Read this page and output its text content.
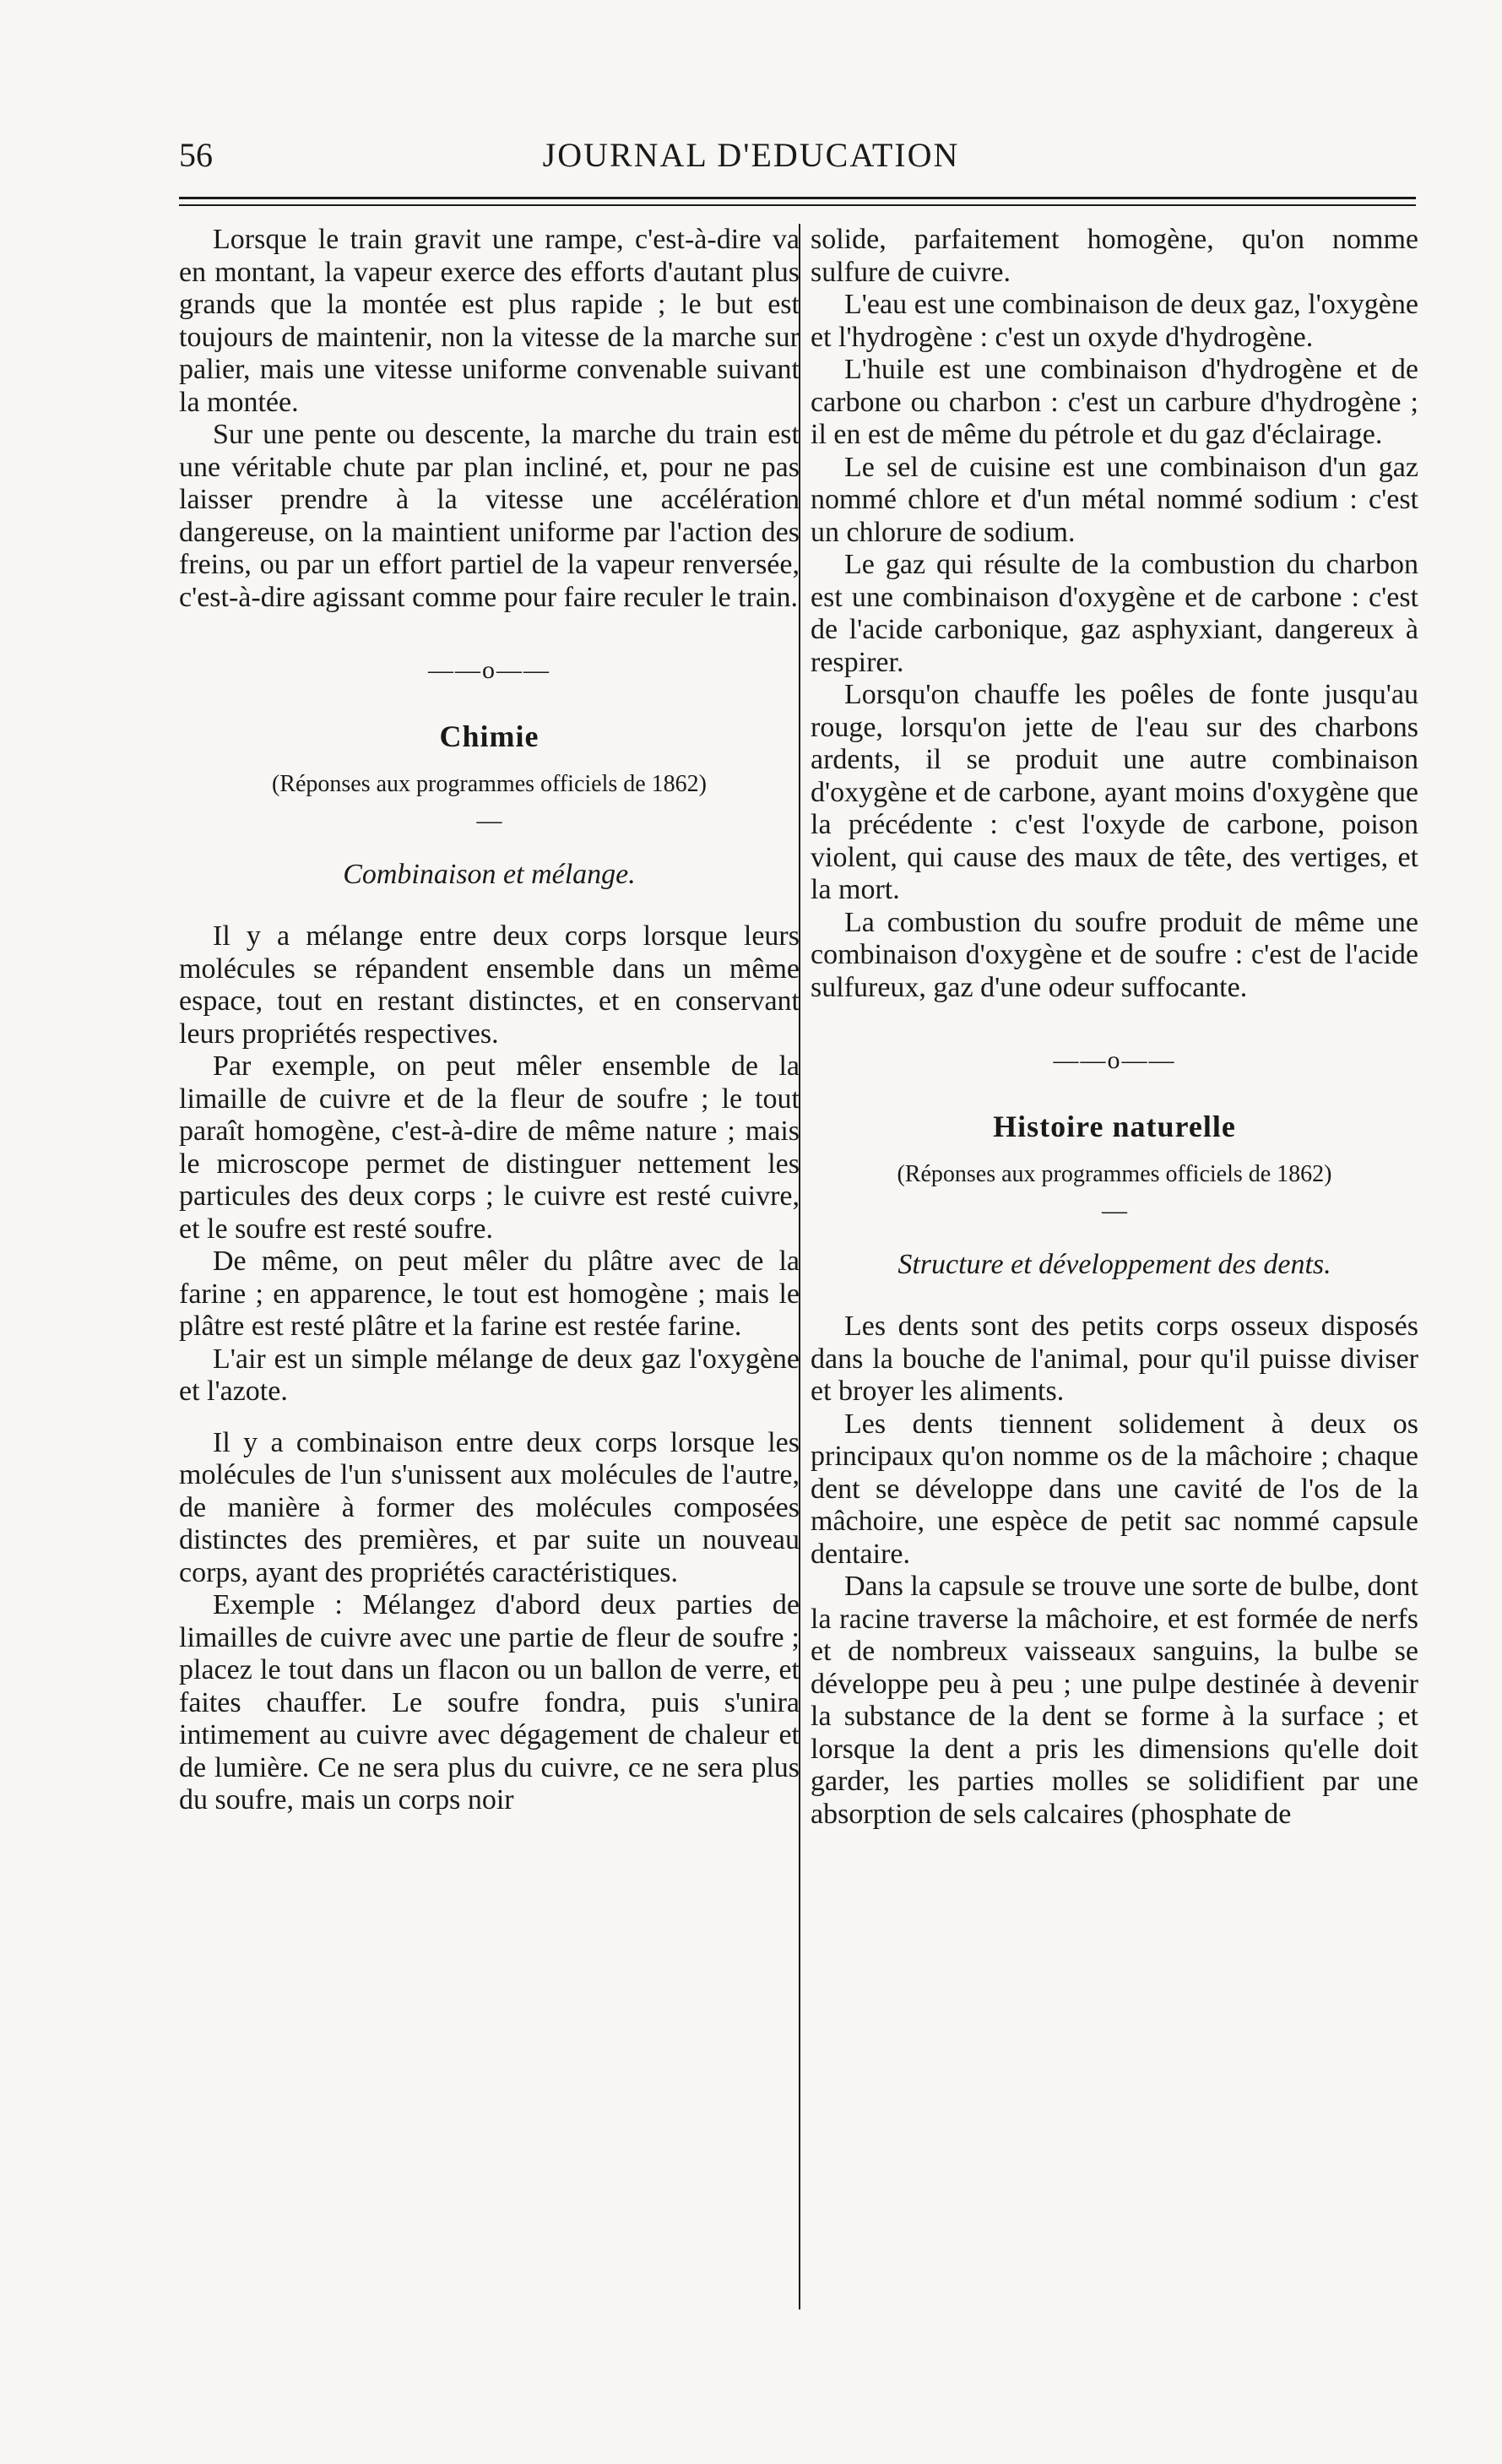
56	JOURNAL D'EDUCATION

Lorsque le train gravit une rampe, c'est-à-dire va en montant, la vapeur exerce des efforts d'autant plus grands que la montée est plus rapide ; le but est toujours de maintenir, non la vitesse de la marche sur palier, mais une vitesse uniforme convenable suivant la montée.

Sur une pente ou descente, la marche du train est une véritable chute par plan incliné, et, pour ne pas laisser prendre à la vitesse une accélération dangereuse, on la maintient uniforme par l'action des freins, ou par un effort partiel de la vapeur renversée, c'est-à-dire agissant comme pour faire reculer le train.

——o——
Chimie
(Réponses aux programmes officiels de 1862)
—
Combinaison et mélange.

Il y a mélange entre deux corps lorsque leurs molécules se répandent ensemble dans un même espace, tout en restant distinctes, et en conservant leurs propriétés respectives.

Par exemple, on peut mêler ensemble de la limaille de cuivre et de la fleur de soufre ; le tout paraît homogène, c'est-à-dire de même nature ; mais le microscope permet de distinguer nettement les particules des deux corps ; le cuivre est resté cuivre, et le soufre est resté soufre.

De même, on peut mêler du plâtre avec de la farine ; en apparence, le tout est homogène ; mais le plâtre est resté plâtre et la farine est restée farine.

L'air est un simple mélange de deux gaz l'oxygène et l'azote.

Il y a combinaison entre deux corps lorsque les molécules de l'un s'unissent aux molécules de l'autre, de manière à former des molécules composées distinctes des premières, et par suite un nouveau corps, ayant des propriétés caractéristiques.

Exemple : Mélangez d'abord deux parties de limailles de cuivre avec une partie de fleur de soufre ; placez le tout dans un flacon ou un ballon de verre, et faites chauffer. Le soufre fondra, puis s'unira intimement au cuivre avec dégagement de chaleur et de lumière. Ce ne sera plus du cuivre, ce ne sera plus du soufre, mais un corps noir

solide, parfaitement homogène, qu'on nomme sulfure de cuivre.

L'eau est une combinaison de deux gaz, l'oxygène et l'hydrogène : c'est un oxyde d'hydrogène.

L'huile est une combinaison d'hydrogène et de carbone ou charbon : c'est un carbure d'hydrogène ; il en est de même du pétrole et du gaz d'éclairage.

Le sel de cuisine est une combinaison d'un gaz nommé chlore et d'un métal nommé sodium : c'est un chlorure de sodium.

Le gaz qui résulte de la combustion du charbon est une combinaison d'oxygène et de carbone : c'est de l'acide carbonique, gaz asphyxiant, dangereux à respirer.

Lorsqu'on chauffe les poêles de fonte jusqu'au rouge, lorsqu'on jette de l'eau sur des charbons ardents, il se produit une autre combinaison d'oxygène et de carbone, ayant moins d'oxygène que la précédente : c'est l'oxyde de carbone, poison violent, qui cause des maux de tête, des vertiges, et la mort.

La combustion du soufre produit de même une combinaison d'oxygène et de soufre : c'est de l'acide sulfureux, gaz d'une odeur suffocante.

——o——
Histoire naturelle
(Réponses aux programmes officiels de 1862)
—
Structure et développement des dents.

Les dents sont des petits corps osseux disposés dans la bouche de l'animal, pour qu'il puisse diviser et broyer les aliments.

Les dents tiennent solidement à deux os principaux qu'on nomme os de la mâchoire ; chaque dent se développe dans une cavité de l'os de la mâchoire, une espèce de petit sac nommé capsule dentaire.

Dans la capsule se trouve une sorte de bulbe, dont la racine traverse la mâchoire, et est formée de nerfs et de nombreux vaisseaux sanguins, la bulbe se développe peu à peu ; une pulpe destinée à devenir la substance de la dent se forme à la surface ; et lorsque la dent a pris les dimensions qu'elle doit garder, les parties molles se solidifient par une absorption de sels calcaires (phosphate de
